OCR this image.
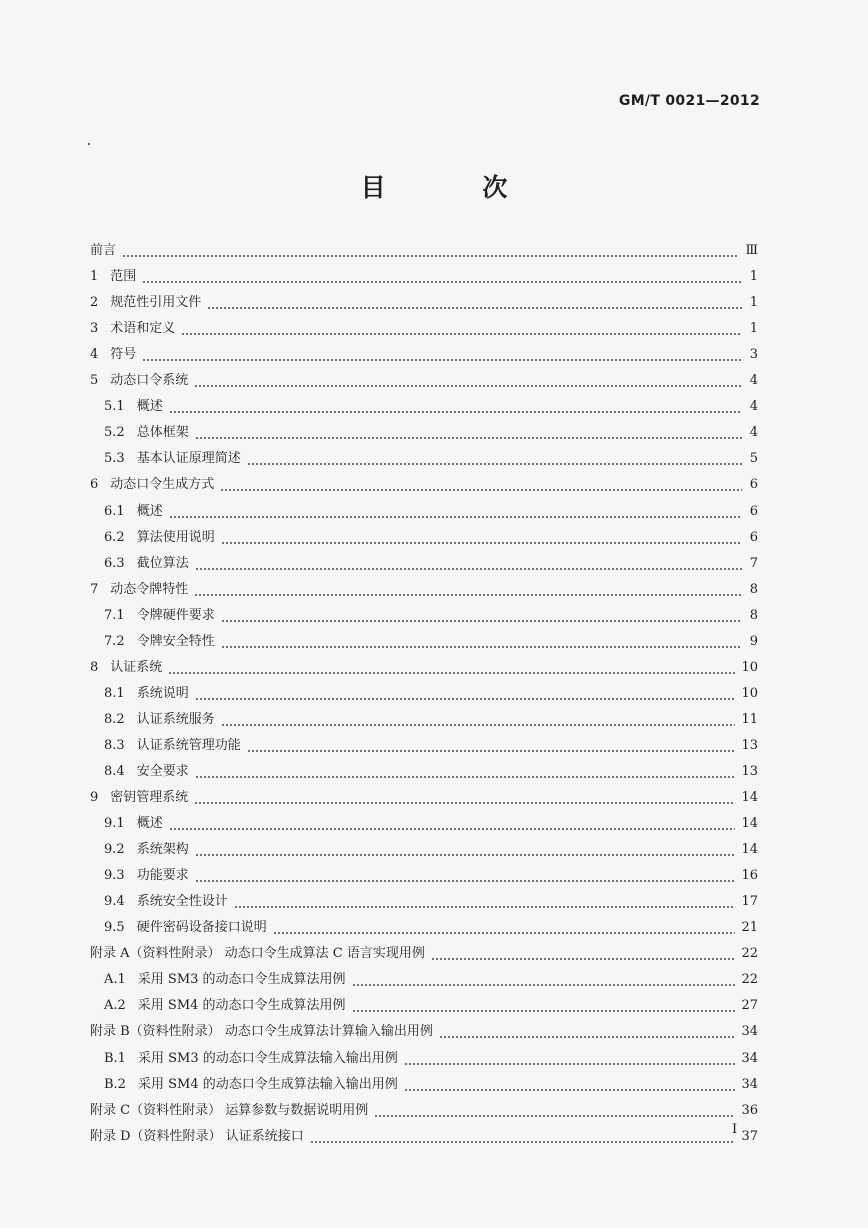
GM/T 0021—2012
目 次
前言	Ⅲ
1 范围	1
2 规范性引用文件	1
3 术语和定义	1
4 符号	3
5 动态口令系统	4
5.1 概述	4
5.2 总体框架	4
5.3 基本认证原理简述	5
6 动态口令生成方式	6
6.1 概述	6
6.2 算法使用说明	6
6.3 截位算法	7
7 动态令牌特性	8
7.1 令牌硬件要求	8
7.2 令牌安全特性	9
8 认证系统	10
8.1 系统说明	10
8.2 认证系统服务	11
8.3 认证系统管理功能	13
8.4 安全要求	13
9 密钥管理系统	14
9.1 概述	14
9.2 系统架构	14
9.3 功能要求	16
9.4 系统安全性设计	17
9.5 硬件密码设备接口说明	21
附录 A（资料性附录） 动态口令生成算法 C 语言实现用例	22
A.1 采用 SM3 的动态口令生成算法用例	22
A.2 采用 SM4 的动态口令生成算法用例	27
附录 B（资料性附录） 动态口令生成算法计算输入输出用例	34
B.1 采用 SM3 的动态口令生成算法输入输出用例	34
B.2 采用 SM4 的动态口令生成算法输入输出用例	34
附录 C（资料性附录） 运算参数与数据说明用例	36
附录 D（资料性附录） 认证系统接口	37
I
